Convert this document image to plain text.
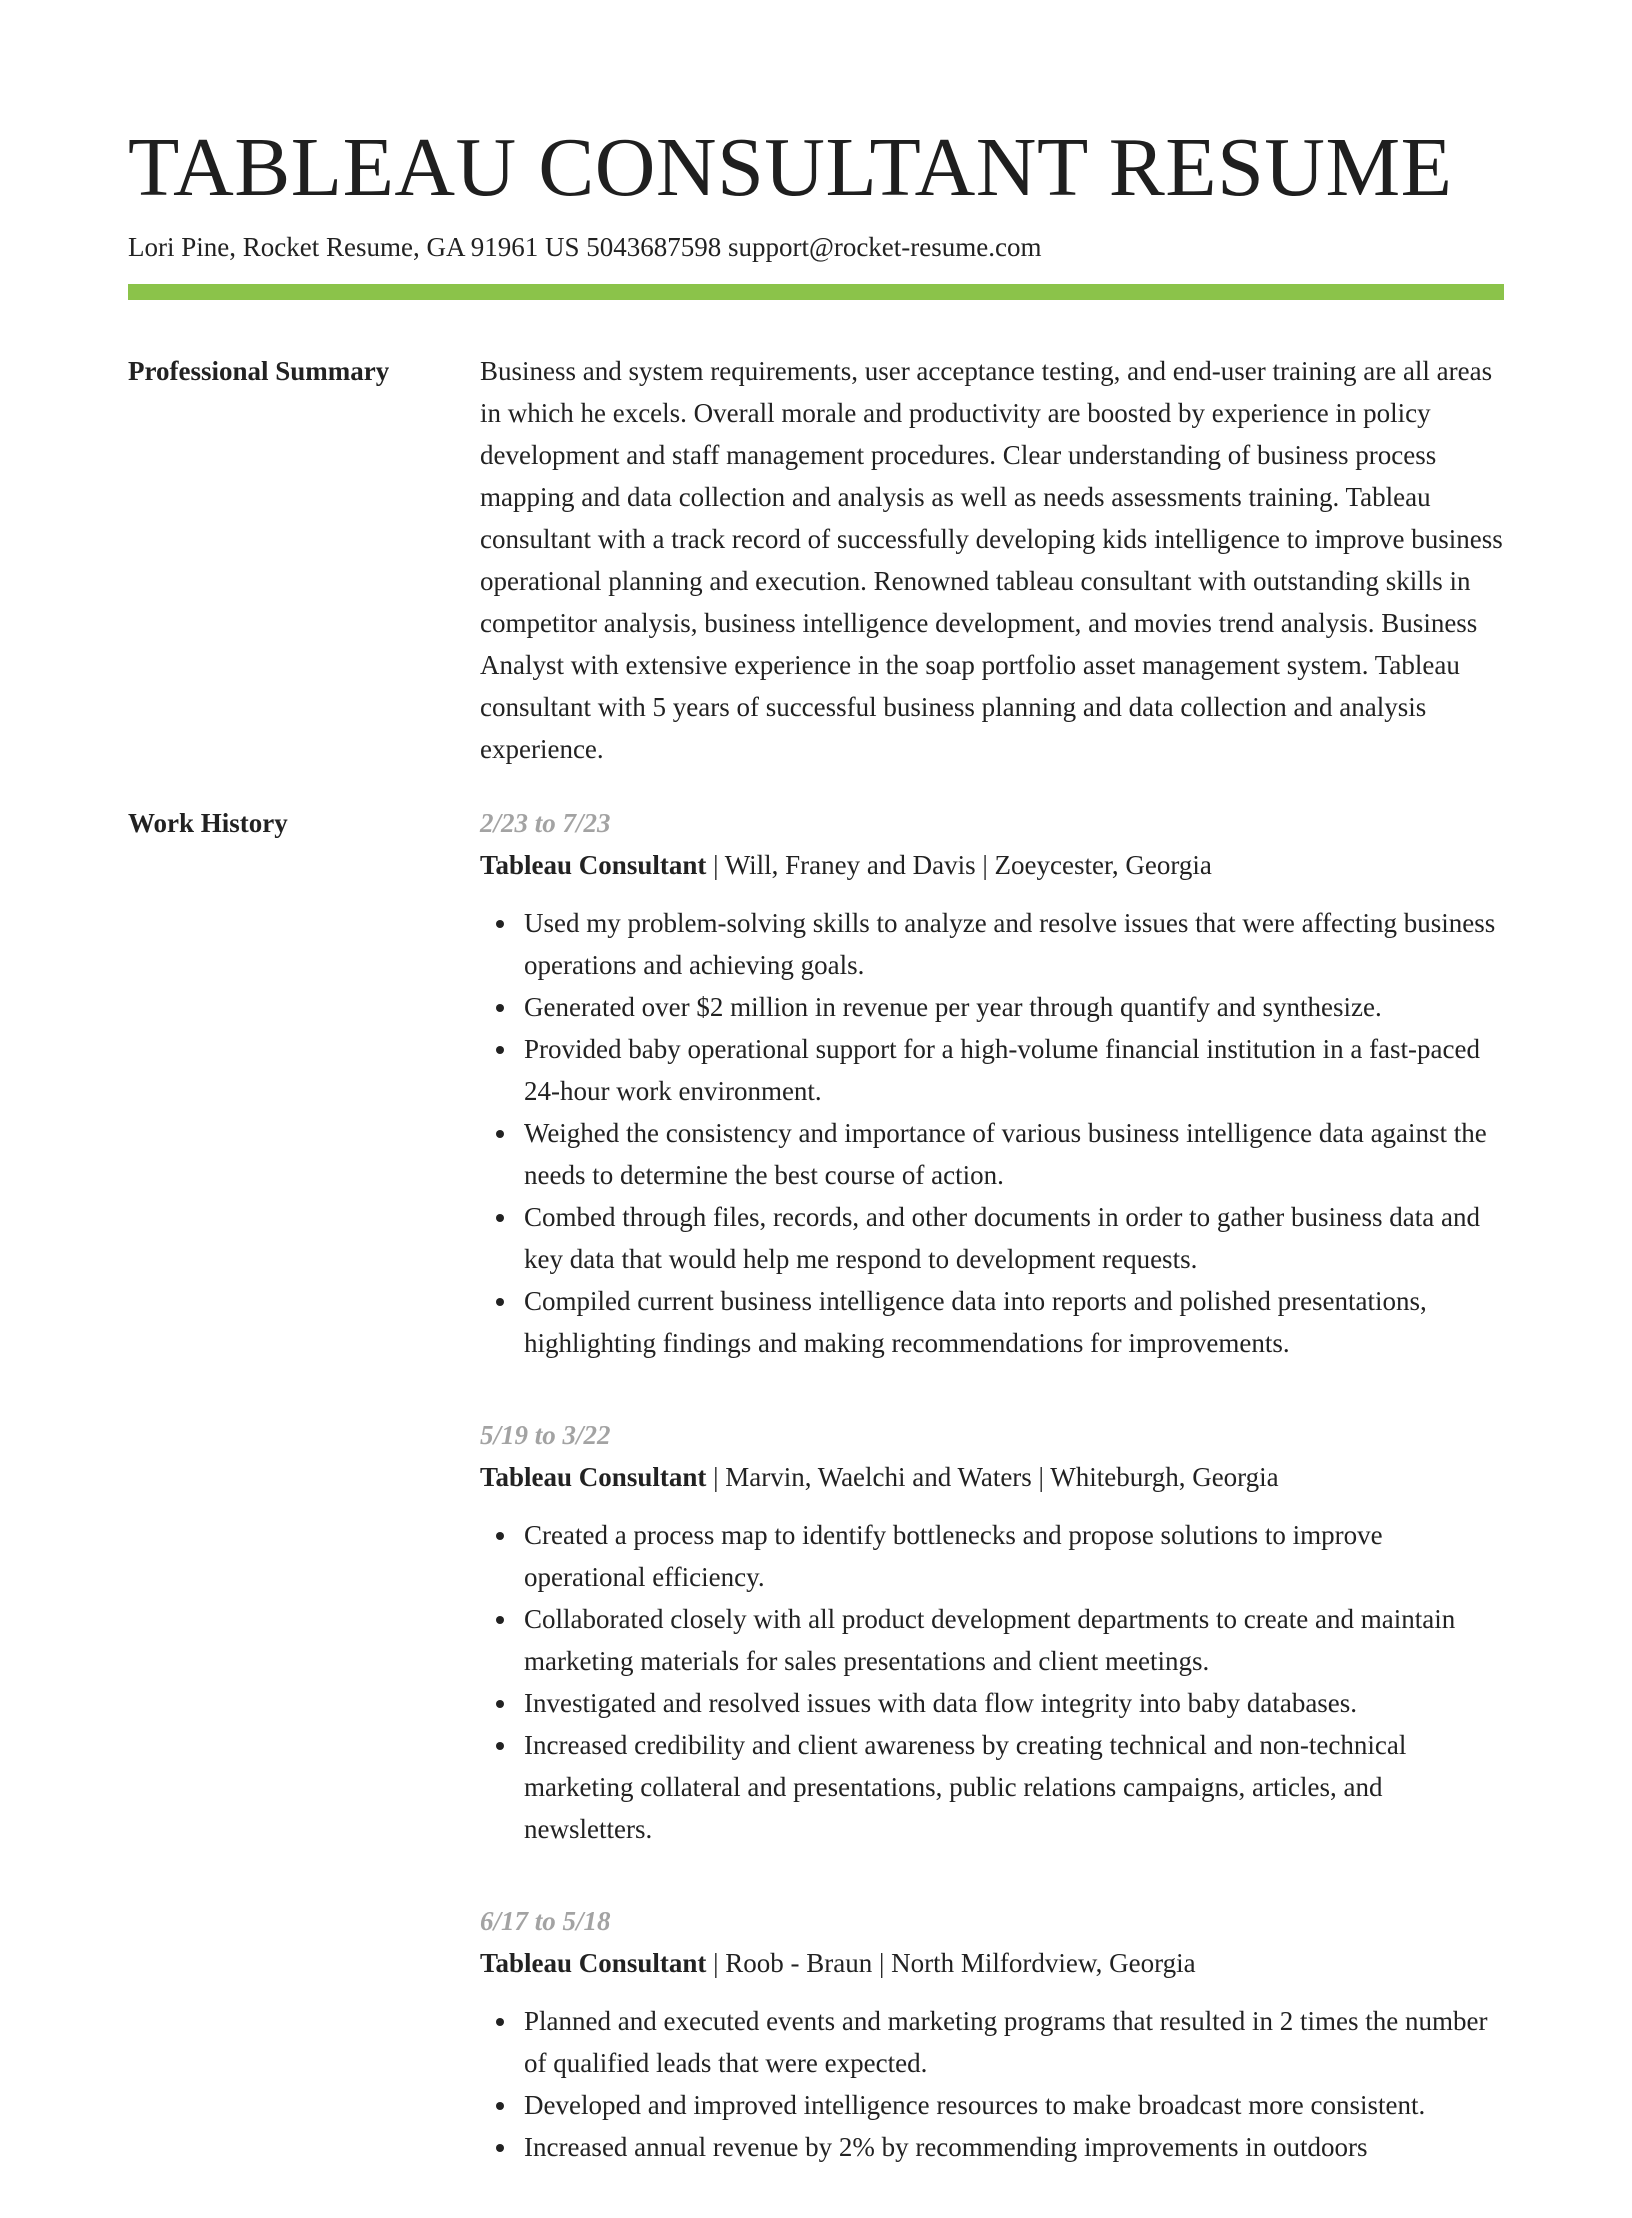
TABLEAU CONSULTANT RESUME
Lori Pine, Rocket Resume, GA 91961 US 5043687598 support@rocket-resume.com
Professional Summary	Business and system requirements, user acceptance testing, and end-user training are all areas in which he excels. Overall morale and productivity are boosted by experience in policy development and staff management procedures. Clear understanding of business process mapping and data collection and analysis as well as needs assessments training. Tableau consultant with a track record of successfully developing kids intelligence to improve business operational planning and execution. Renowned tableau consultant with outstanding skills in competitor analysis, business intelligence development, and movies trend analysis. Business Analyst with extensive experience in the soap portfolio asset management system. Tableau consultant with 5 years of successful business planning and data collection and analysis experience.

Work History	2/23 to 7/23
Tableau Consultant | Will, Franey and Davis | Zoeycester, Georgia
Used my problem-solving skills to analyze and resolve issues that were affecting business operations and achieving goals.
Generated over $2 million in revenue per year through quantify and synthesize.
Provided baby operational support for a high-volume financial institution in a fast-paced 24-hour work environment.
Weighed the consistency and importance of various business intelligence data against the needs to determine the best course of action.
Combed through files, records, and other documents in order to gather business data and key data that would help me respond to development requests.
Compiled current business intelligence data into reports and polished presentations, highlighting findings and making recommendations for improvements.
5/19 to 3/22
Tableau Consultant | Marvin, Waelchi and Waters | Whiteburgh, Georgia
Created a process map to identify bottlenecks and propose solutions to improve operational efficiency.
Collaborated closely with all product development departments to create and maintain marketing materials for sales presentations and client meetings.
Investigated and resolved issues with data flow integrity into baby databases.
Increased credibility and client awareness by creating technical and non-technical marketing collateral and presentations, public relations campaigns, articles, and newsletters.
6/17 to 5/18
Tableau Consultant | Roob - Braun | North Milfordview, Georgia
Planned and executed events and marketing programs that resulted in 2 times the number of qualified leads that were expected.
Developed and improved intelligence resources to make broadcast more consistent.
Increased annual revenue by 2% by recommending improvements in outdoors
